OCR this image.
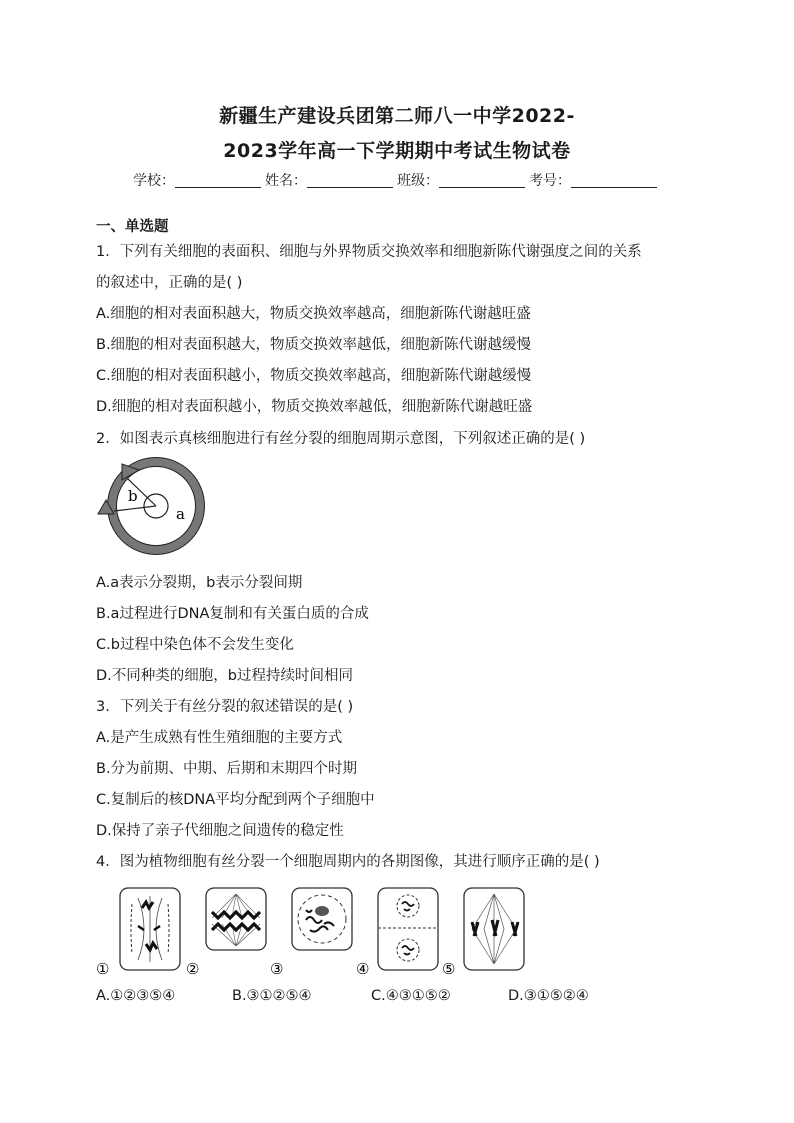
新疆生产建设兵团第二师八一中学2022-
2023学年高一下学期期中考试生物试卷
学校：	姓名：	班级：	考号：
一、单选题
1．下列有关细胞的表面积、细胞与外界物质交换效率和细胞新陈代谢强度之间的关系
的叙述中，正确的是( )
A.细胞的相对表面积越大，物质交换效率越高，细胞新陈代谢越旺盛
B.细胞的相对表面积越大，物质交换效率越低，细胞新陈代谢越缓慢
C.细胞的相对表面积越小，物质交换效率越高，细胞新陈代谢越缓慢
D.细胞的相对表面积越小，物质交换效率越低，细胞新陈代谢越旺盛
2．如图表示真核细胞进行有丝分裂的细胞周期示意图，下列叙述正确的是( )
b
a
A.a表示分裂期，b表示分裂间期
B.a过程进行DNA复制和有关蛋白质的合成
C.b过程中染色体不会发生变化
D.不同种类的细胞，b过程持续时间相同
3．下列关于有丝分裂的叙述错误的是( )
A.是产生成熟有性生殖细胞的主要方式
B.分为前期、中期、后期和末期四个时期
C.复制后的核DNA平均分配到两个子细胞中
D.保持了亲子代细胞之间遗传的稳定性
4．图为植物细胞有丝分裂一个细胞周期内的各期图像，其进行顺序正确的是( )
①	②	③	④	⑤
A.①②③⑤④	B.③①②⑤④	C.④③①⑤②	D.③①⑤②④
